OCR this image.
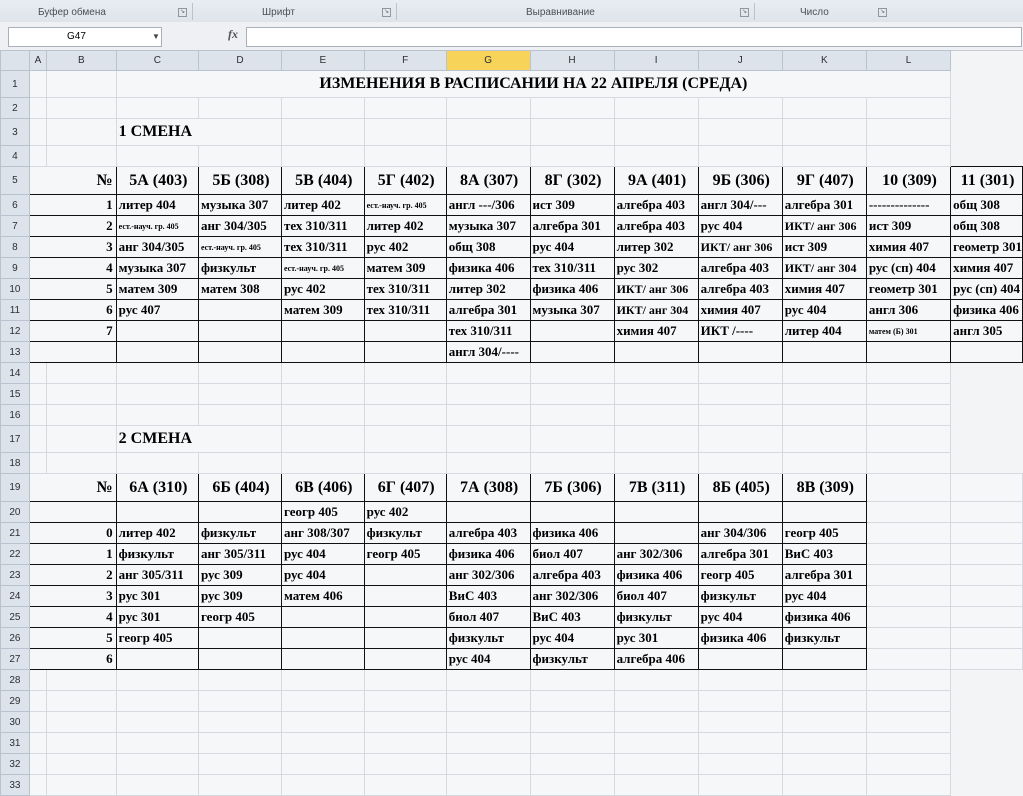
Буфер обмена	↘	Шрифт	↘	Выравнивание	↘	Число	↘
G47	▼	fx
	A	B	C	D	E	F	G	H	I	J	K	L	
1			ИЗМЕНЕНИЯ В РАСПИСАНИИ НА 22 АПРЕЛЯ (СРЕДА)										
2													
3			1 СМЕНА										
4													
5	№		5А (403)	5Б (308)	5В (404)	5Г (402)	8А (307)	8Г (302)	9А (401)	9Б (306)	9Г (407)	10 (309)	11 (301)
6	1		литер 404	музыка 307	литер 402	ест.-науч. гр. 405	англ ---/306	ист 309	алгебра 403	англ 304/---	алгебра 301	--------------	общ 308
7	2		ест.-науч. гр. 405	анг 304/305	тех 310/311	литер 402	музыка 307	алгебра 301	алгебра 403	рус 404	ИКТ/ анг 306	ист 309	общ 308
8	3		анг 304/305	ест.-науч. гр. 405	тех 310/311	рус 402	общ 308	рус 404	литер 302	ИКТ/ анг 306	ист 309	химия 407	геометр 301
9	4		музыка 307	физкульт	ест.-науч. гр. 405	матем 309	физика 406	тех 310/311	рус 302	алгебра 403	ИКТ/ анг 304	рус (сп) 404	химия 407
10	5		матем 309	матем 308	рус 402	тех 310/311	литер 302	физика 406	ИКТ/ анг 306	алгебра 403	химия 407	геометр 301	рус (сп) 404
11	6		рус 407		матем 309	тех 310/311	алгебра 301	музыка 307	ИКТ/ анг 304	химия 407	рус 404	англ 306	физика 406
12	7						тех 310/311		химия 407	ИКТ /----	литер 404	матем (Б) 301	англ 305
13							англ 304/----						
14													
15													
16													
17			2 СМЕНА										
18													
19	№		6А (310)	6Б (404)	6В (406)	6Г (407)	7А (308)	7Б (306)	7В (311)	8Б (405)	8В (309)		
20					геогр 405	рус 402							
21	0		литер 402	физкульт	анг 308/307	физкульт	алгебра 403	физика 406		анг 304/306	геогр 405		
22	1		физкульт	анг 305/311	рус 404	геогр 405	физика 406	биол 407	анг 302/306	алгебра 301	ВиС 403		
23	2		анг 305/311	рус 309	рус 404		анг 302/306	алгебра 403	физика 406	геогр 405	алгебра 301		
24	3		рус 301	рус 309	матем 406		ВиС 403	анг 302/306	биол 407	физкульт	рус 404		
25	4		рус 301	геогр 405			биол 407	ВиС 403	физкульт	рус 404	физика 406		
26	5		геогр 405				физкульт	рус 404	рус 301	физика 406	физкульт		
27	6						рус 404	физкульт	алгебра 406				
28													
29													
30													
31													
32													
33													
